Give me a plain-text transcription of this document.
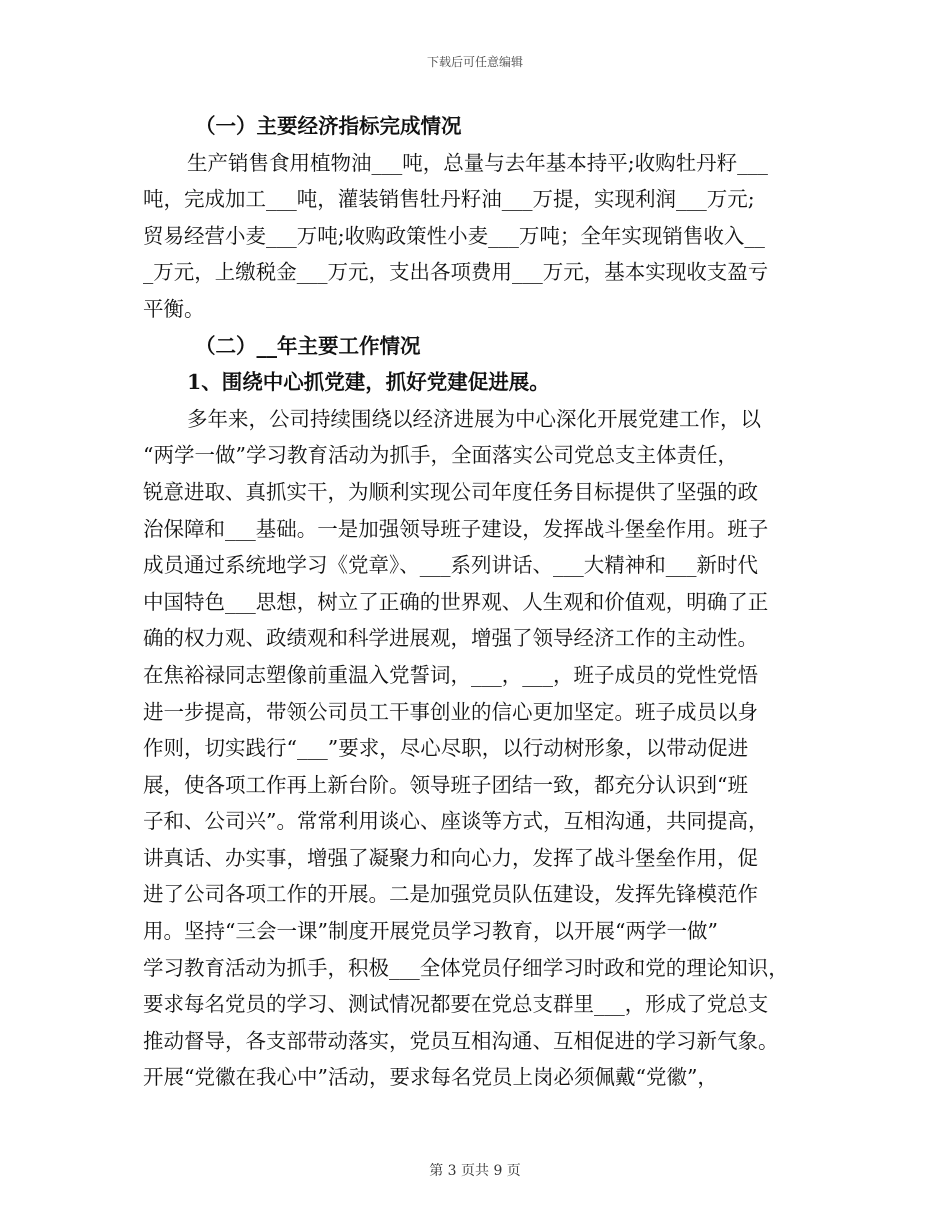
下载后可任意编辑
（一）主要经济指标完成情况
生产销售食用植物油___吨，总量与去年基本持平;收购牡丹籽___
吨，完成加工___吨，灌装销售牡丹籽油___万提，实现利润___万元;
贸易经营小麦___万吨;收购政策性小麦___万吨；全年实现销售收入__
_万元，上缴税金___万元，支出各项费用___万元，基本实现收支盈亏
平衡。
（二）__年主要工作情况
1、围绕中心抓党建，抓好党建促进展。
多年来，公司持续围绕以经济进展为中心深化开展党建工作，以
“两学一做”学习教育活动为抓手，全面落实公司党总支主体责任，
锐意进取、真抓实干，为顺利实现公司年度任务目标提供了坚强的政
治保障和___基础。一是加强领导班子建设，发挥战斗堡垒作用。班子
成员通过系统地学习《党章》、___系列讲话、___大精神和___新时代
中国特色___思想，树立了正确的世界观、人生观和价值观，明确了正
确的权力观、政绩观和科学进展观，增强了领导经济工作的主动性。
在焦裕禄同志塑像前重温入党誓词，___，___，班子成员的党性党悟
进一步提高，带领公司员工干事创业的信心更加坚定。班子成员以身
作则，切实践行“___”要求，尽心尽职，以行动树形象，以带动促进
展，使各项工作再上新台阶。领导班子团结一致，都充分认识到“班
子和、公司兴”。常常利用谈心、座谈等方式，互相沟通，共同提高，
讲真话、办实事，增强了凝聚力和向心力，发挥了战斗堡垒作用，促
进了公司各项工作的开展。二是加强党员队伍建设，发挥先锋模范作
用。坚持“三会一课”制度开展党员学习教育，以开展“两学一做”
学习教育活动为抓手，积极___全体党员仔细学习时政和党的理论知识，
要求每名党员的学习、测试情况都要在党总支群里___，形成了党总支
推动督导，各支部带动落实，党员互相沟通、互相促进的学习新气象。
开展“党徽在我心中”活动，要求每名党员上岗必须佩戴“党徽”，
第 3 页共 9 页
